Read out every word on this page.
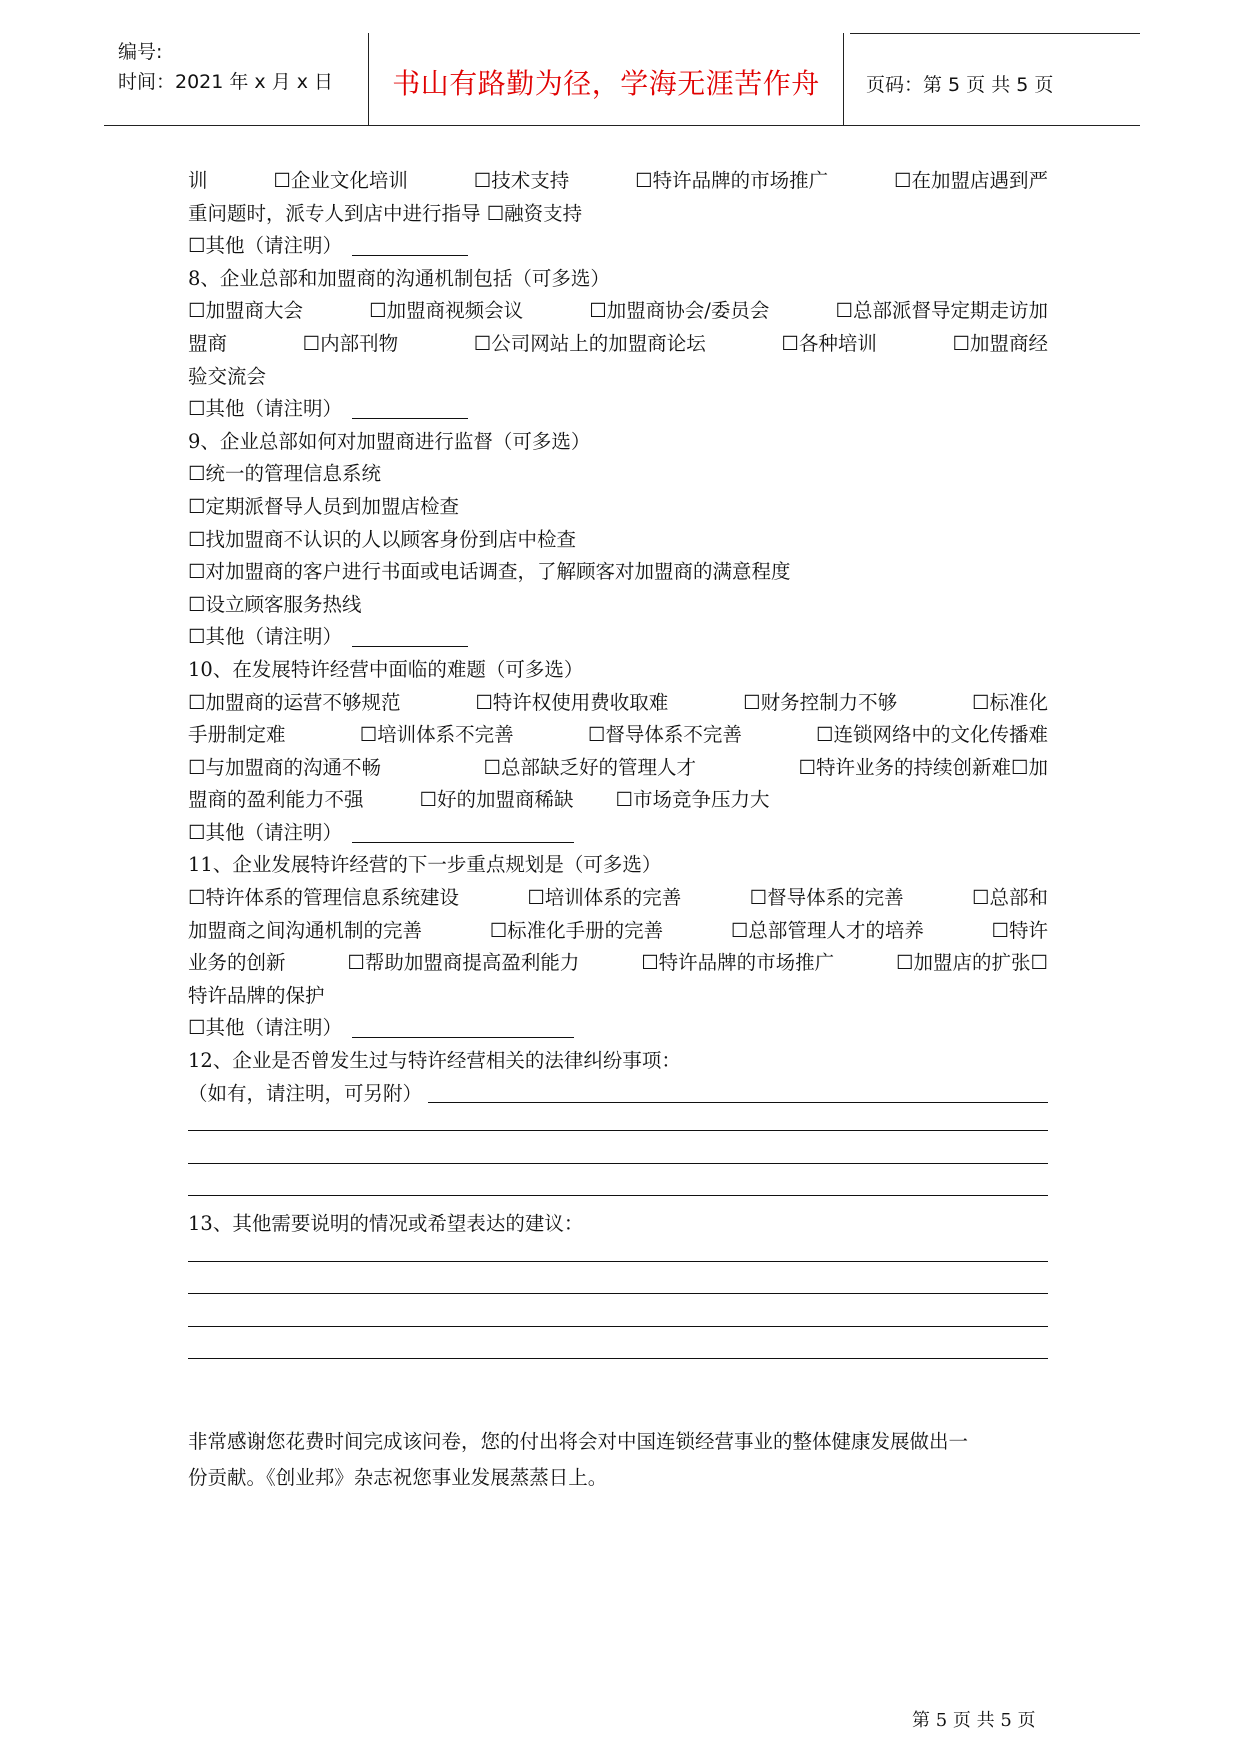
编号:
时间：2021 年 x 月 x 日	书山有路勤为径，学海无涯苦作舟 页码：第 5 页 共 5 页
训	☐企业文化培训	☐技术支持	☐特许品牌的市场推广	☐在加盟店遇到严
重问题时，派专人到店中进行指导 ☐融资支持
☐其他（请注明）
8、企业总部和加盟商的沟通机制包括（可多选）
☐加盟商大会	☐加盟商视频会议	☐加盟商协会/委员会	☐总部派督导定期走访加
盟商	☐内部刊物	☐公司网站上的加盟商论坛	☐各种培训	☐加盟商经
验交流会
☐其他（请注明）
9、企业总部如何对加盟商进行监督（可多选）
☐统一的管理信息系统
☐定期派督导人员到加盟店检查
☐找加盟商不认识的人以顾客身份到店中检查
☐对加盟商的客户进行书面或电话调查，了解顾客对加盟商的满意程度
☐设立顾客服务热线
☐其他（请注明）
10、在发展特许经营中面临的难题（可多选）
☐加盟商的运营不够规范	☐特许权使用费收取难	☐财务控制力不够	☐标准化
手册制定难	☐培训体系不完善	☐督导体系不完善	☐连锁网络中的文化传播难
☐与加盟商的沟通不畅	☐总部缺乏好的管理人才	☐特许业务的持续创新难☐加
盟商的盈利能力不强	☐好的加盟商稀缺 ☐市场竞争压力大
☐其他（请注明）
11、企业发展特许经营的下一步重点规划是（可多选）
☐特许体系的管理信息系统建设	☐培训体系的完善	☐督导体系的完善	☐总部和
加盟商之间沟通机制的完善	☐标准化手册的完善	☐总部管理人才的培养	☐特许
业务的创新	☐帮助加盟商提高盈利能力	☐特许品牌的市场推广	☐加盟店的扩张☐
特许品牌的保护
☐其他（请注明）
12、企业是否曾发生过与特许经营相关的法律纠纷事项：
（如有，请注明，可另附）
13、其他需要说明的情况或希望表达的建议：
非常感谢您花费时间完成该问卷，您的付出将会对中国连锁经营事业的整体健康发展做出一
份贡献。《创业邦》杂志祝您事业发展蒸蒸日上。
第 5 页 共 5 页
